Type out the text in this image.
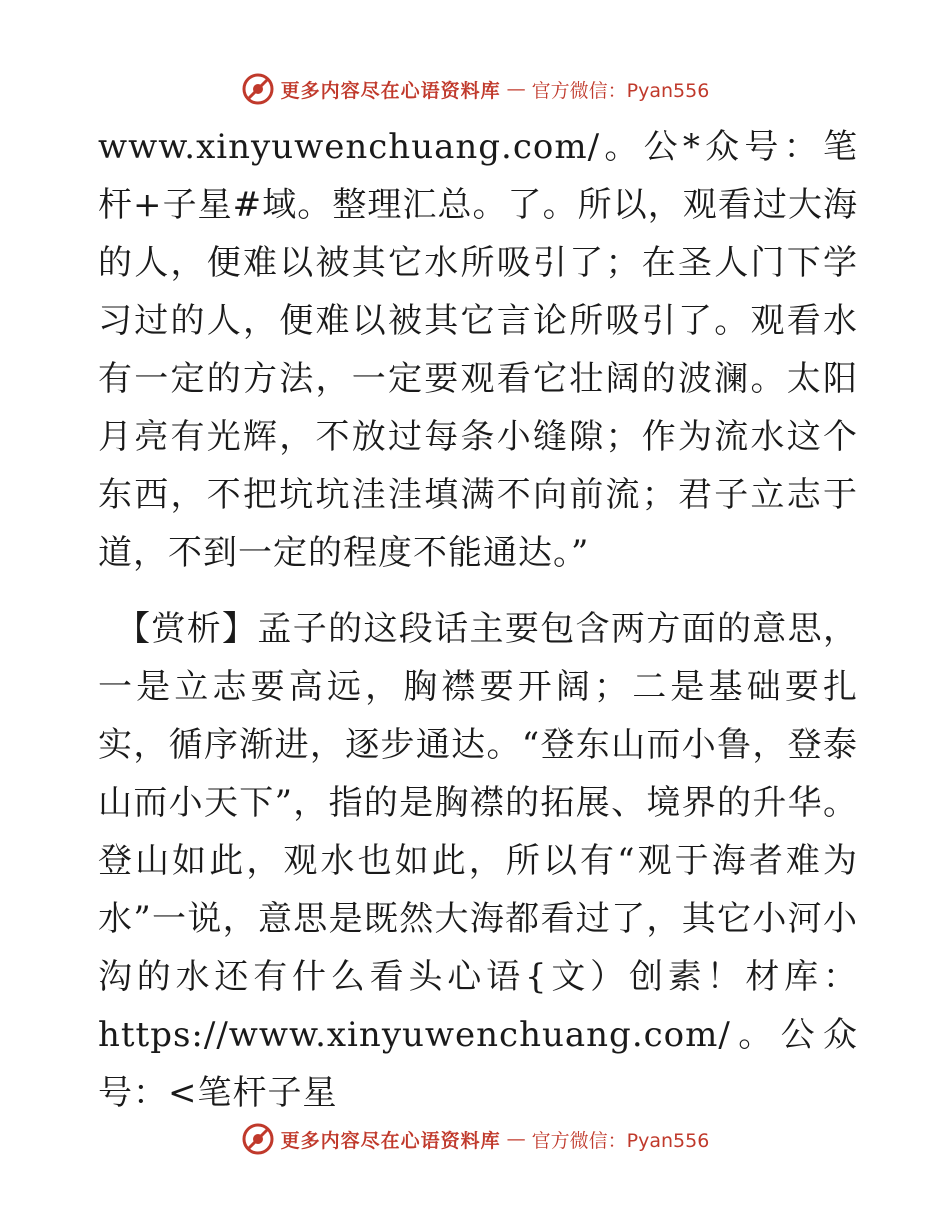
更多内容尽在心语资料库 — 官方微信：Pyan556

www.xinyuwenchuang.com/。公*众号：笔杆+子星#域。整理汇总。了。所以，观看过大海的人，便难以被其它水所吸引了；在圣人门下学习过的人，便难以被其它言论所吸引了。观看水有一定的方法，一定要观看它壮阔的波澜。太阳月亮有光辉，不放过每条小缝隙；作为流水这个东西，不把坑坑洼洼填满不向前流；君子立志于道，不到一定的程度不能通达。”

【赏析】孟子的这段话主要包含两方面的意思，一是立志要高远，胸襟要开阔；二是基础要扎实，循序渐进，逐步通达。“登东山而小鲁，登泰山而小天下”，指的是胸襟的拓展、境界的升华。登山如此，观水也如此，所以有“观于海者难为水”一说，意思是既然大海都看过了，其它小河小沟的水还有什么看头心语{文）创素！材库：https://www.xinyuwenchuang.com/。公众号：<笔杆子星

更多内容尽在心语资料库 — 官方微信：Pyan556
